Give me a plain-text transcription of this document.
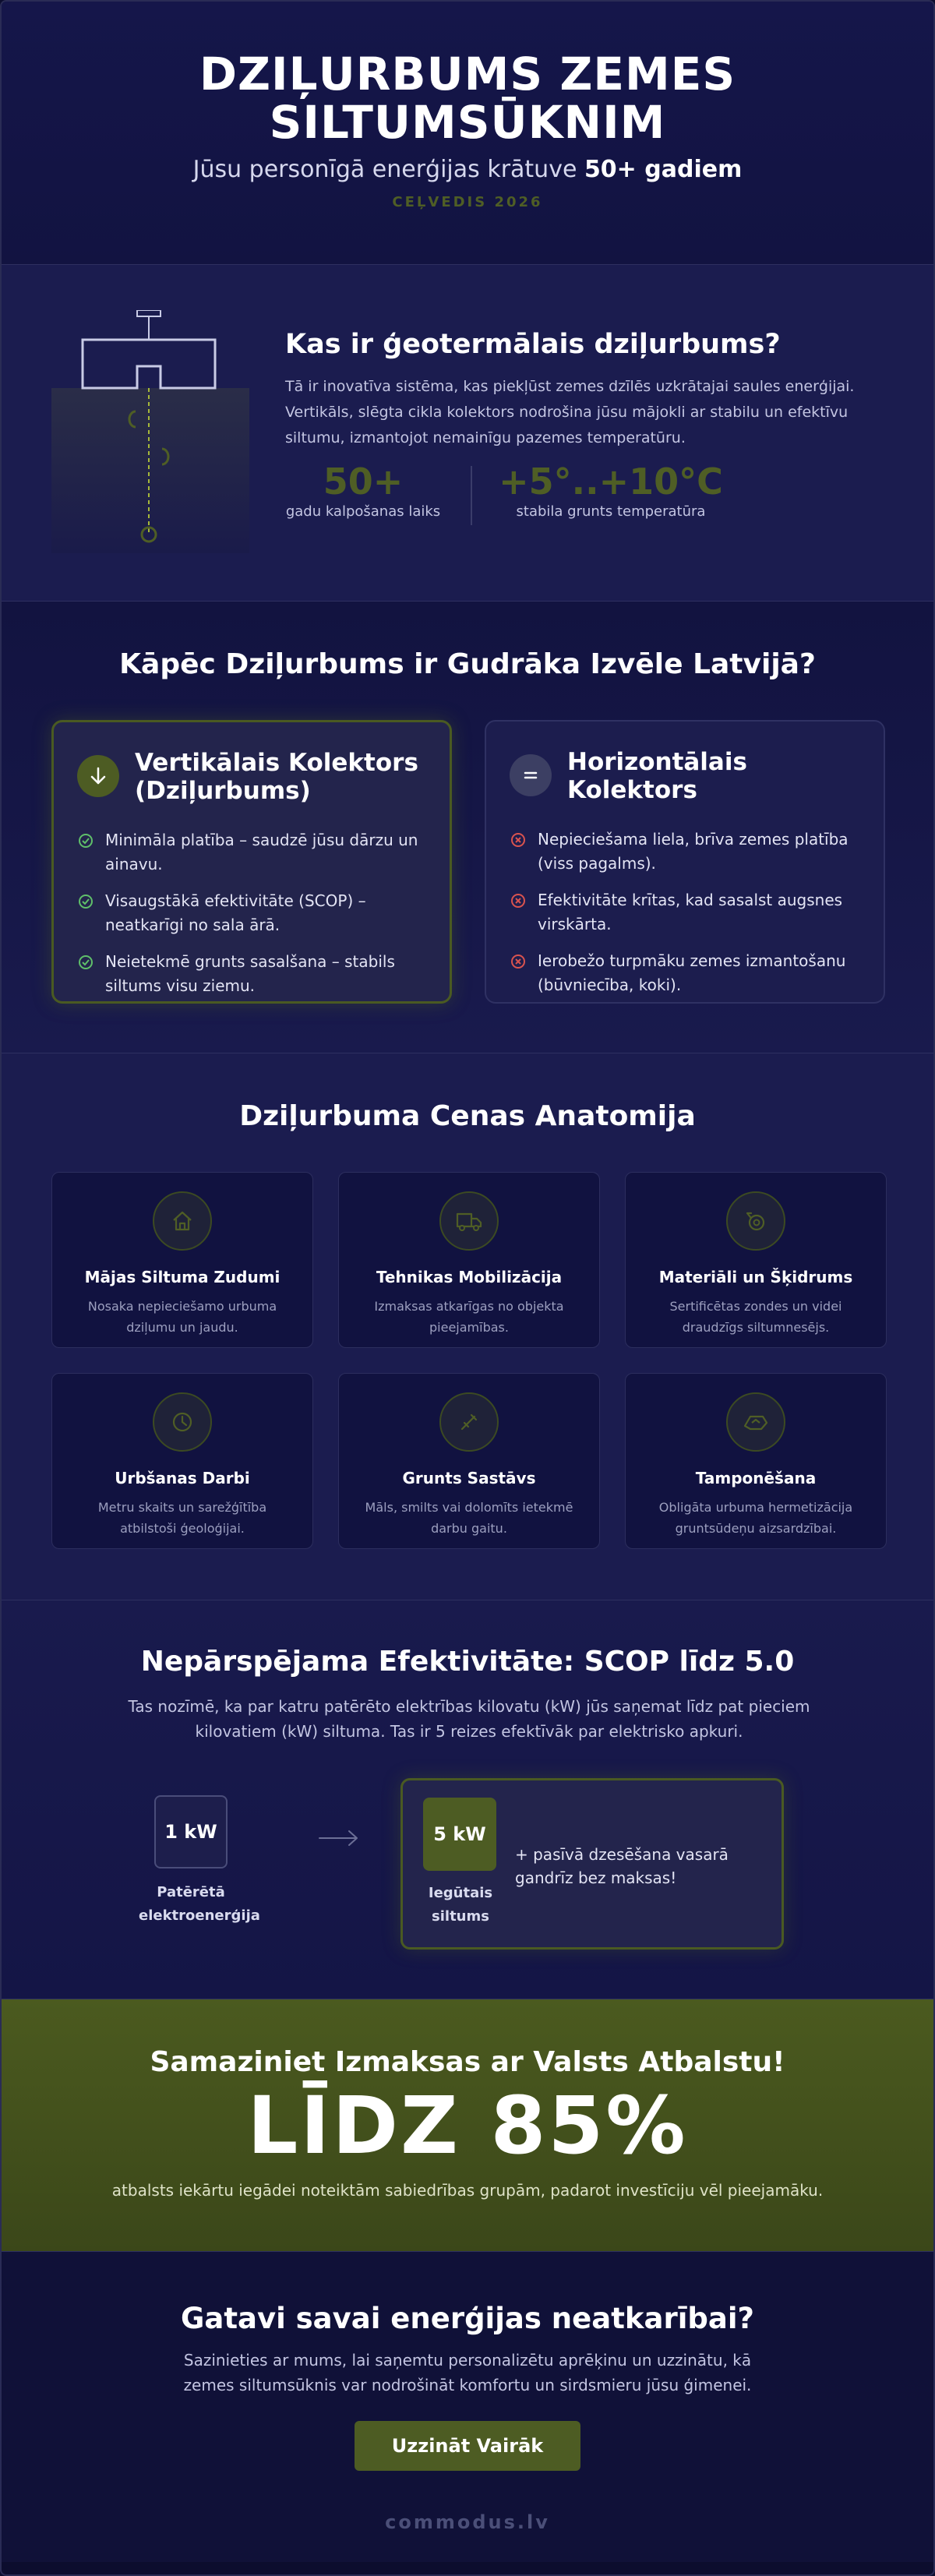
DZIĻURBUMS ZEMES SILTUMSŪKNIM
Jūsu personīgā enerģijas krātuve 50+ gadiem
CEĻVEDIS 2026
Kas ir ģeotermālais dziļurbums?

Tā ir inovatīva sistēma, kas piekļūst zemes dzīlēs uzkrātajai saules enerģijai. Vertikāls, slēgta cikla kolektors nodrošina jūsu mājokli ar stabilu un efektīvu siltumu, izmantojot nemainīgu pazemes temperatūru.

50+
gadu kalpošanas laiks
+5°..+10°C
stabila grunts temperatūra
Kāpēc Dziļurbums ir Gudrāka Izvēle Latvijā?
Vertikālais Kolektors (Dziļurbums)
Minimāla platība – saudzē jūsu dārzu un ainavu.
Visaugstākā efektivitāte (SCOP) – neatkarīgi no sala ārā.
Neietekmē grunts sasalšana – stabils siltums visu ziemu.
Horizontālais Kolektors
Nepieciešama liela, brīva zemes platība (viss pagalms).
Efektivitāte krītas, kad sasalst augsnes virskārta.
Ierobežo turpmāku zemes izmantošanu (būvniecība, koki).
Dziļurbuma Cenas Anatomija
Mājas Siltuma Zudumi

Nosaka nepieciešamo urbuma dziļumu un jaudu.

Tehnikas Mobilizācija

Izmaksas atkarīgas no objekta pieejamības.

Materiāli un Šķidrums

Sertificētas zondes un videi draudzīgs siltumnesējs.

Urbšanas Darbi

Metru skaits un sarežģītība atbilstoši ģeoloģijai.

Grunts Sastāvs

Māls, smilts vai dolomīts ietekmē darbu gaitu.

Tamponēšana

Obligāta urbuma hermetizācija gruntsūdeņu aizsardzībai.

Nepārspējama Efektivitāte: SCOP līdz 5.0

Tas nozīmē, ka par katru patērēto elektrības kilovatu (kW) jūs saņemat līdz pat pieciem kilovatiem (kW) siltuma. Tas ir 5 reizes efektīvāk par elektrisko apkuri.

1 kW
Patērētā elektroenerģija
5 kW
Iegūtais siltums
+ pasīvā dzesēšana vasarā gandrīz bez maksas!
Samaziniet Izmaksas ar Valsts Atbalstu!
LĪDZ 85%

atbalsts iekārtu iegādei noteiktām sabiedrības grupām, padarot investīciju vēl pieejamāku.

Gatavi savai enerģijas neatkarībai?

Sazinieties ar mums, lai saņemtu personalizētu aprēķinu un uzzinātu, kā zemes siltumsūknis var nodrošināt komfortu un sirdsmieru jūsu ģimenei.

Uzzināt Vairāk
commodus.lv
